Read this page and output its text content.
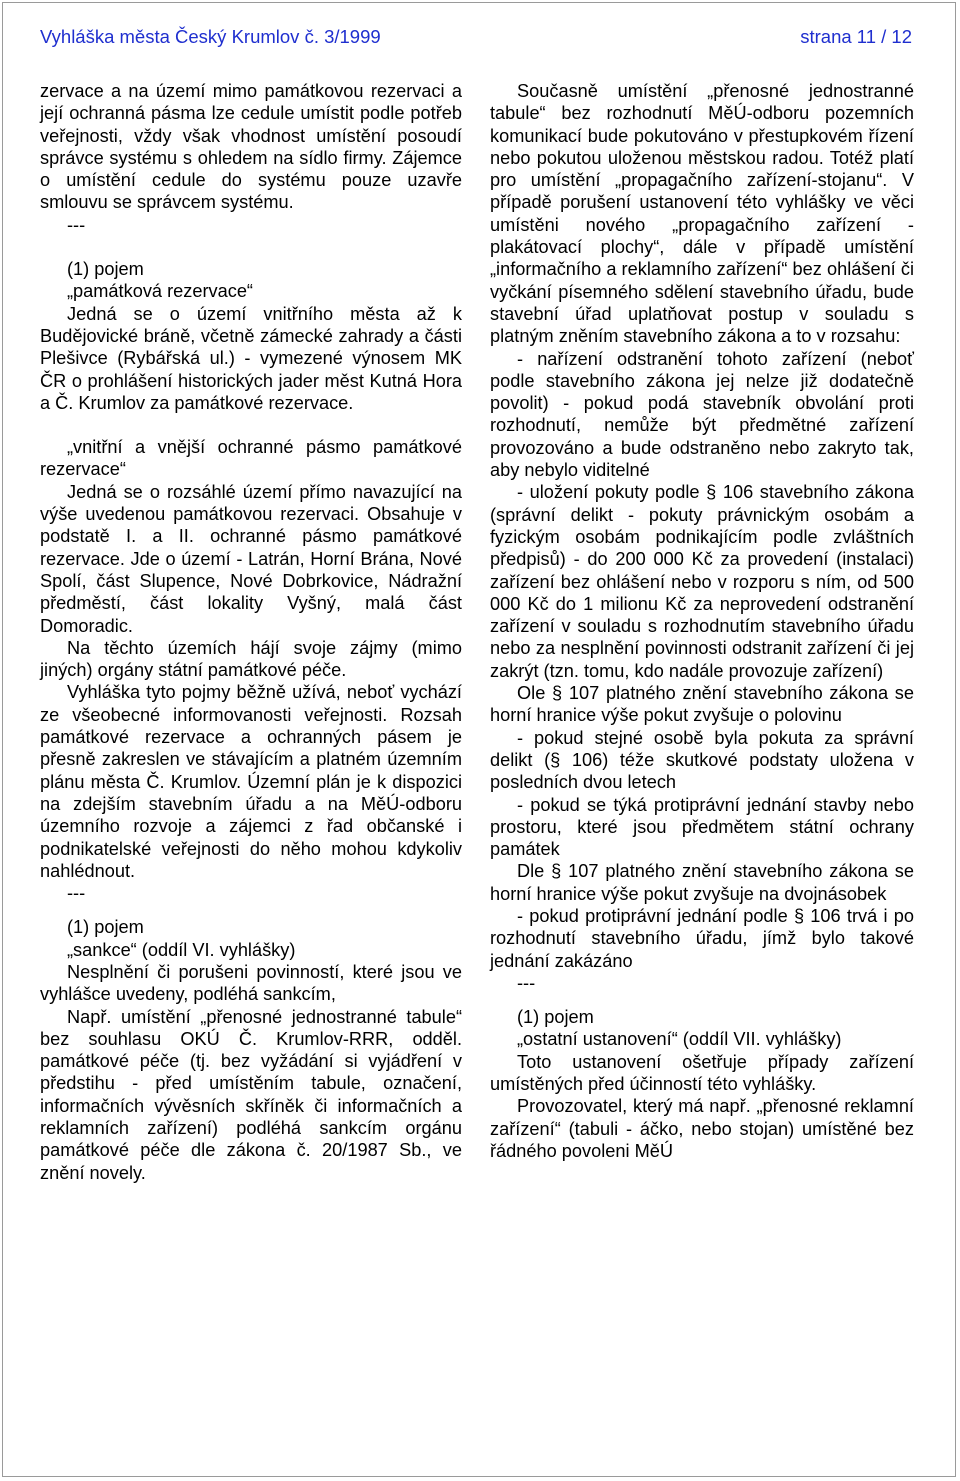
Vyhláška města Český Krumlov č. 3/1999	strana 11 / 12

zervace a na území mimo památkovou rezervaci a její ochranná pásma lze cedule umístit podle potřeb veřejnosti, vždy však vhodnost umístění posoudí správce systému s ohledem na sídlo firmy. Zájemce o umístění cedule do systému pouze uzavře smlouvu se správcem systému.

---

(1) pojem

„památková rezervace“

Jedná se o území vnitřního města až k Budějovické bráně, včetně zámecké zahrady a části Plešivce (Rybářská ul.) - vymezené výnosem MK ČR o prohlášení historických jader měst Kutná Hora a Č. Krumlov za památkové rezervace.

„vnitřní a vnější ochranné pásmo památkové rezervace“

Jedná se o rozsáhlé území přímo navazující na výše uvedenou památkovou rezervaci. Obsahuje v podstatě I. a II. ochranné pásmo památkové rezervace. Jde o území - Latrán, Horní Brána, Nové Spolí, část Slupence, Nové Dobrkovice, Nádražní předměstí, část lokality Vyšný, malá část Domoradic.

Na těchto územích hájí svoje zájmy (mimo jiných) orgány státní památkové péče.

Vyhláška tyto pojmy běžně užívá, neboť vychází ze všeobecné informovanosti veřejnosti. Rozsah památkové rezervace a ochranných pásem je přesně zakreslen ve stávajícím a platném územním plánu města Č. Krumlov. Územní plán je k dispozici na zdejším stavebním úřadu a na MěÚ-odboru územního rozvoje a zájemci z řad občanské i podnikatelské veřejnosti do něho mohou kdykoliv nahlédnout.

---

(1) pojem

„sankce“ (oddíl VI. vyhlášky)

Nesplnění či porušeni povinností, které jsou ve vyhlášce uvedeny, podléhá sankcím,

Např. umístění „přenosné jednostranné tabule“ bez souhlasu OKÚ Č. Krumlov-RRR, odděl. památkové péče (tj. bez vyžádání si vyjádření v předstihu - před umístěním tabule, označení, informačních vývěsních skříněk či informačních a reklamních zařízení) podléhá sankcím orgánu památkové péče dle zákona č. 20/1987 Sb., ve znění novely.

Současně umístění „přenosné jednostranné tabule“ bez rozhodnutí MěÚ-odboru pozemních komunikací bude pokutováno v přestupkovém řízení nebo pokutou uloženou městskou radou. Totéž platí pro umístění „propagačního zařízení-stojanu“. V případě porušení ustanovení této vyhlášky ve věci umístěni nového „propagačního zařízení - plakátovací plochy“, dále v případě umístění „informačního a reklamního zařízení“ bez ohlášení či vyčkání písemného sdělení stavebního úřadu, bude stavební úřad uplatňovat postup v souladu s platným zněním stavebního zákona a to v rozsahu:

- nařízení odstranění tohoto zařízení (neboť podle stavebního zákona jej nelze již dodatečně povolit) - pokud podá stavebník obvolání proti rozhodnutí, nemůže být předmětné zařízení provozováno a bude odstraněno nebo zakryto tak, aby nebylo viditelné

- uložení pokuty podle § 106 stavebního zákona (správní delikt - pokuty právnickým osobám a fyzickým osobám podnikajícím podle zvláštních předpisů) - do 200 000 Kč za provedení (instalaci) zařízení bez ohlášení nebo v rozporu s ním, od 500 000 Kč do 1 milionu Kč za neprovedení odstranění zařízení v souladu s rozhodnutím stavebního úřadu nebo za nesplnění povinnosti odstranit zařízení či jej zakrýt (tzn. tomu, kdo nadále provozuje zařízení)

Ole § 107 platného znění stavebního zákona se horní hranice výše pokut zvyšuje o polovinu

- pokud stejné osobě byla pokuta za správní delikt (§ 106) téže skutkové podstaty uložena v posledních dvou letech

- pokud se týká protiprávní jednání stavby nebo prostoru, které jsou předmětem státní ochrany památek

Dle § 107 platného znění stavebního zákona se horní hranice výše pokut zvyšuje na dvojnásobek

- pokud protiprávní jednání podle § 106 trvá i po rozhodnutí stavebního úřadu, jímž bylo takové jednání zakázáno

---

(1) pojem

„ostatní ustanovení“ (oddíl VII. vyhlášky)

Toto ustanovení ošetřuje případy zařízení umístěných před účinností této vyhlášky.

Provozovatel, který má např. „přenosné reklamní zařízení“ (tabuli - áčko, nebo stojan) umístěné bez řádného povoleni MěÚ
